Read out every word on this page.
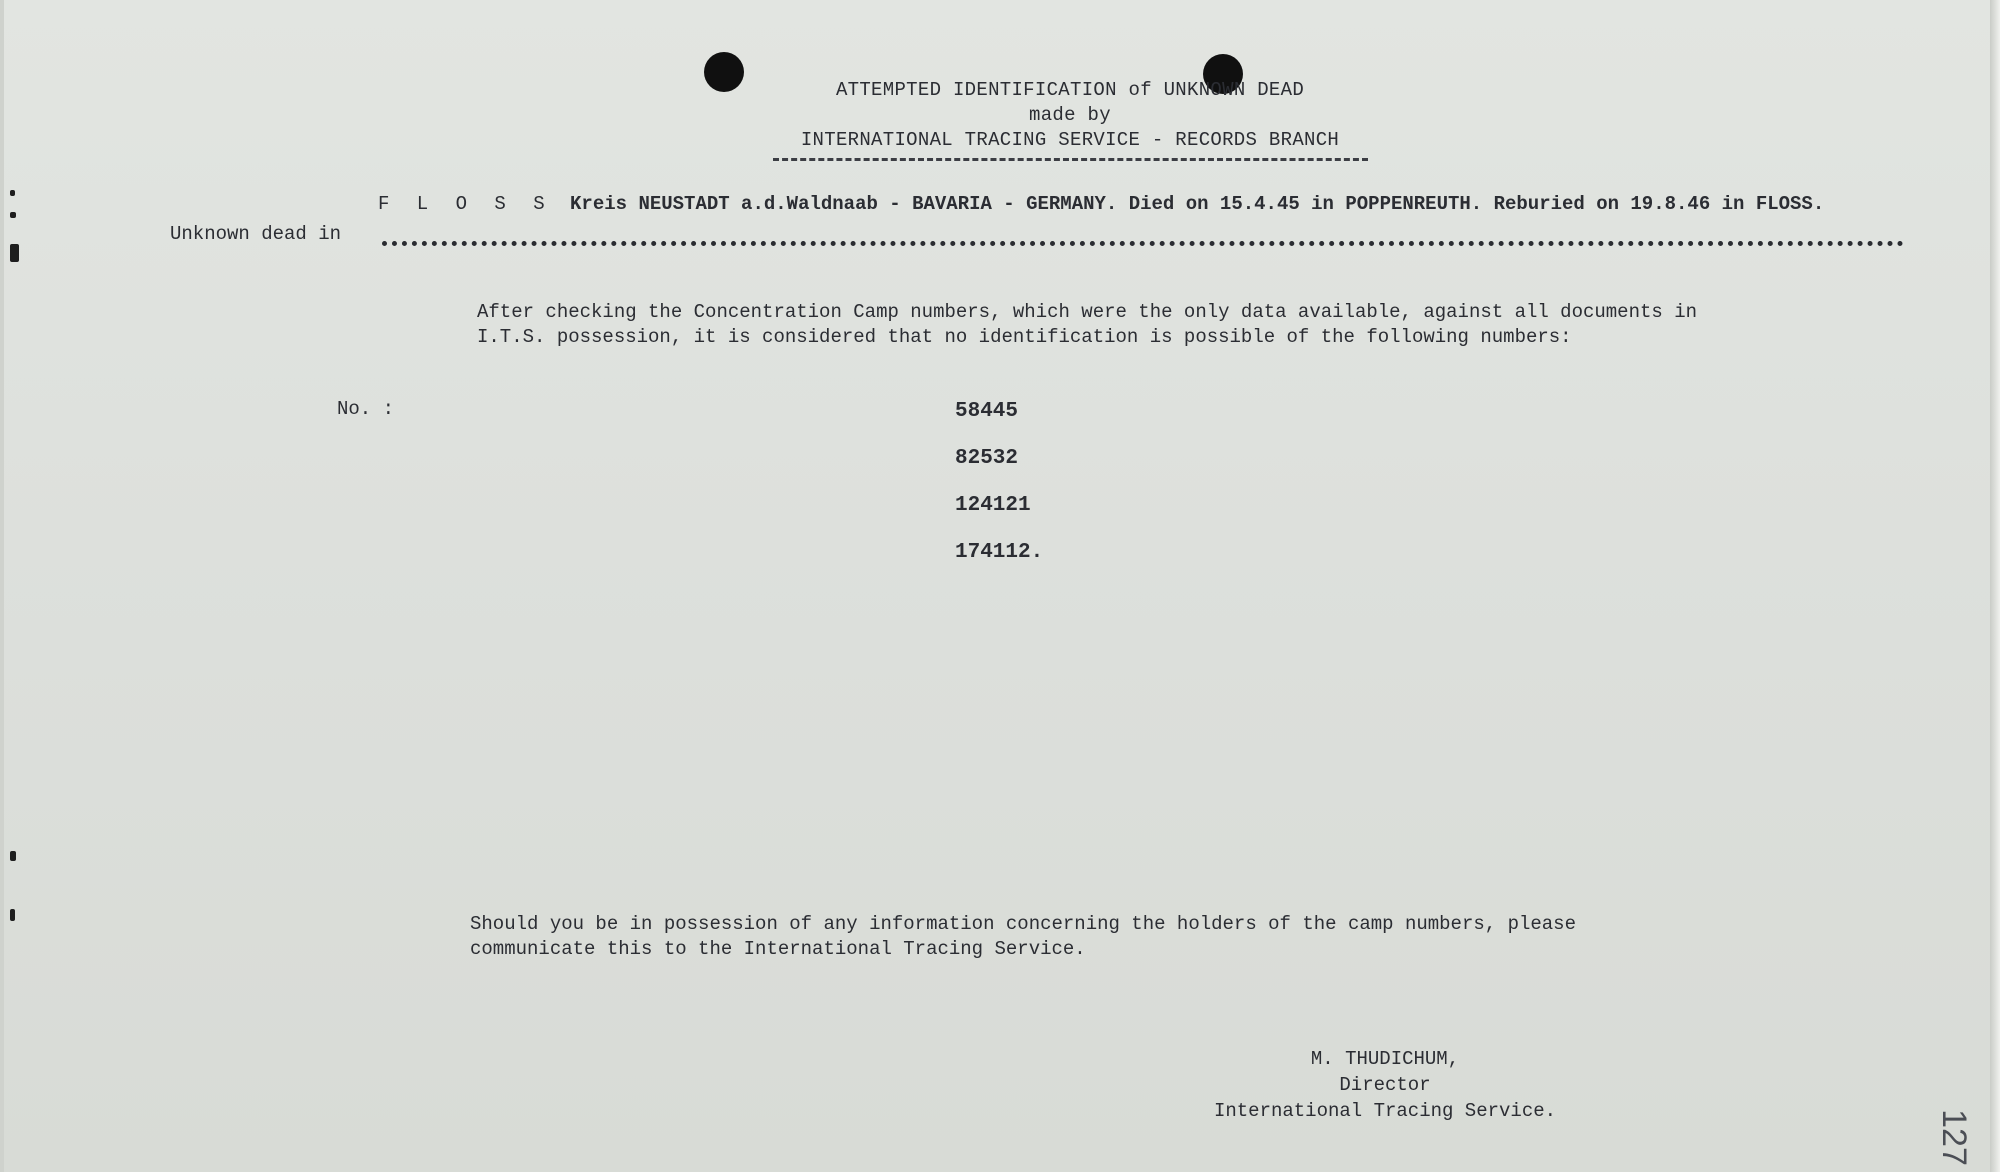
ATTEMPTED IDENTIFICATION of UNKNOWN DEAD
made by
INTERNATIONAL TRACING SERVICE - RECORDS BRANCH
F L O S S Kreis NEUSTADT a.d.Waldnaab - BAVARIA - GERMANY. Died on 15.4.45 in POPPENREUTH. Reburied on 19.8.46 in FLOSS.
Unknown dead in
After checking the Concentration Camp numbers, which were the only data available, against all documents in I.T.S. possession, it is considered that no identification is possible of the following numbers:
No. :	58445
82532
124121
174112.
Should you be in possession of any information concerning the holders of the camp numbers, please communicate this to the International Tracing Service.
M. THUDICHUM,
Director
International Tracing Service.	127
